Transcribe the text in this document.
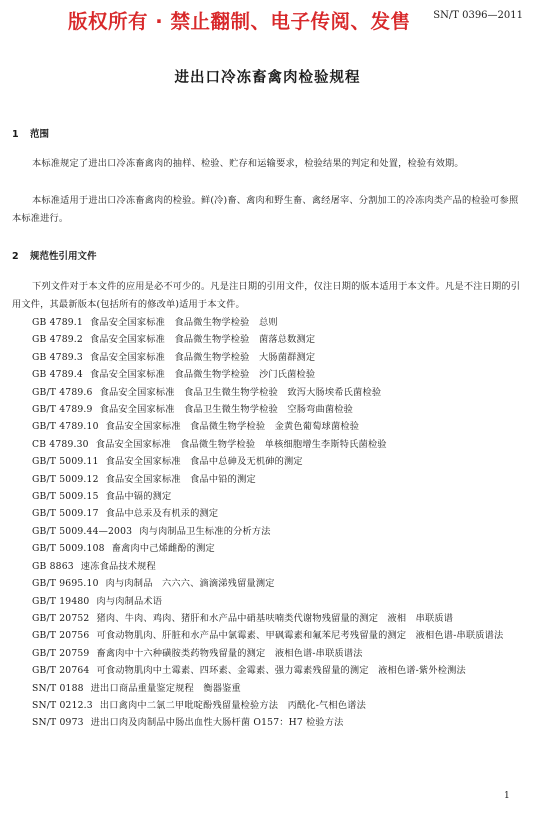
版权所有 · 禁止翻制、电子传阅、发售 SN/T 0396—2011
进出口冷冻畜禽肉检验规程
1 范围

本标准规定了进出口冷冻畜禽肉的抽样、检验、贮存和运输要求，检验结果的判定和处置，检验有效期。

本标准适用于进出口冷冻畜禽肉的检验。鲜(冷)畜、禽肉和野生畜、禽经屠宰、分割加工的冷冻肉类产品的检验可参照本标准进行。

2 规范性引用文件

下列文件对于本文件的应用是必不可少的。凡是注日期的引用文件，仅注日期的版本适用于本文件。凡是不注日期的引用文件，其最新版本(包括所有的修改单)适用于本文件。

GB 4789.1 食品安全国家标准　食品微生物学检验　总则
GB 4789.2 食品安全国家标准　食品微生物学检验　菌落总数测定
GB 4789.3 食品安全国家标准　食品微生物学检验　大肠菌群测定
GB 4789.4 食品安全国家标准　食品微生物学检验　沙门氏菌检验
GB/T 4789.6 食品安全国家标准　食品卫生微生物学检验　致泻大肠埃希氏菌检验
GB/T 4789.9 食品安全国家标准　食品卫生微生物学检验　空肠弯曲菌检验
GB/T 4789.10 食品安全国家标准　食品微生物学检验　金黄色葡萄球菌检验
CB 4789.30 食品安全国家标准　食品微生物学检验　单核细胞增生李斯特氏菌检验
GB/T 5009.11 食品安全国家标准　食品中总砷及无机砷的测定
GB/T 5009.12 食品安全国家标准　食品中铅的测定
GB/T 5009.15 食品中镉的测定
GB/T 5009.17 食品中总汞及有机汞的测定
GB/T 5009.44—2003 肉与肉制品卫生标准的分析方法
GB/T 5009.108 畜禽肉中己烯雌酚的测定
GB 8863 速冻食品技术规程
GB/T 9695.10 肉与肉制品　六六六、滴滴涕残留量测定
GB/T 19480 肉与肉制品术语
GB/T 20752 猪肉、牛肉、鸡肉、猪肝和水产品中硝基呋喃类代谢物残留量的测定　液相　串联质谱
GB/T 20756 可食动物肌肉、肝脏和水产品中氯霉素、甲砜霉素和氟苯尼考残留量的测定　液相色谱-串联质谱法
GB/T 20759 畜禽肉中十六种磺胺类药物残留量的测定　液相色谱-串联质谱法
GB/T 20764 可食动物肌肉中土霉素、四环素、金霉素、强力霉素残留量的测定　液相色谱-紫外检测法
SN/T 0188 进出口商品重量鉴定规程　衡器鉴重
SN/T 0212.3 出口禽肉中二氯二甲吡啶酚残留量检验方法　丙酰化-气相色谱法
SN/T 0973 进出口肉及肉制品中肠出血性大肠杆菌 O157：H7 检验方法
1
